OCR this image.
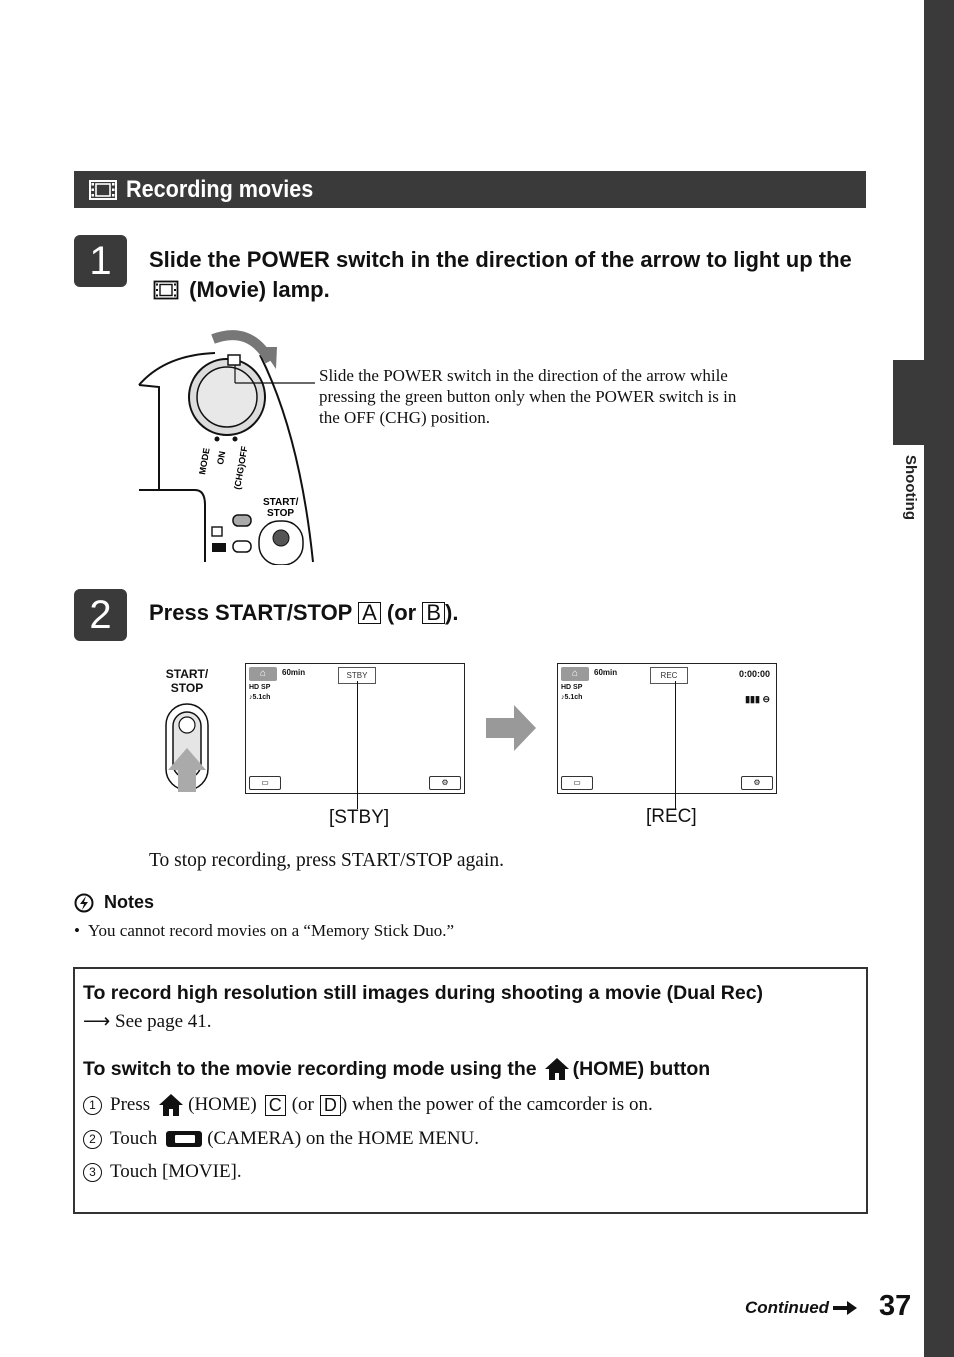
Shooting
Recording movies
1	Slide the POWER switch in the direction of the arrow to light up the  (Movie) lamp.
MODE ON (CHG)OFF
START/
STOP
Slide the POWER switch in the direction of the arrow while pressing the green button only when the POWER switch is in the OFF (CHG) position.
2	Press START/STOP A (or B ).
START/
STOP
⌂	60min	STBY
HD SP
♪5.1ch
▭	⚙
[STBY]
⌂	60min	REC	0:00:00
▮▮▮ ⊖
HD SP
♪5.1ch
▭	⚙
[REC]
To stop recording, press START/STOP again.
Notes
• You cannot record movies on a “Memory Stick Duo.”
To record high resolution still images during shooting a movie (Dual Rec)
⟶ See page 41.
To switch to the movie recording mode using the (HOME) button
1 Press (HOME) C (or D ) when the power of the camcorder is on.
2 Touch	(CAMERA) on the HOME MENU.
3 Touch [MOVIE].
Continued 37
